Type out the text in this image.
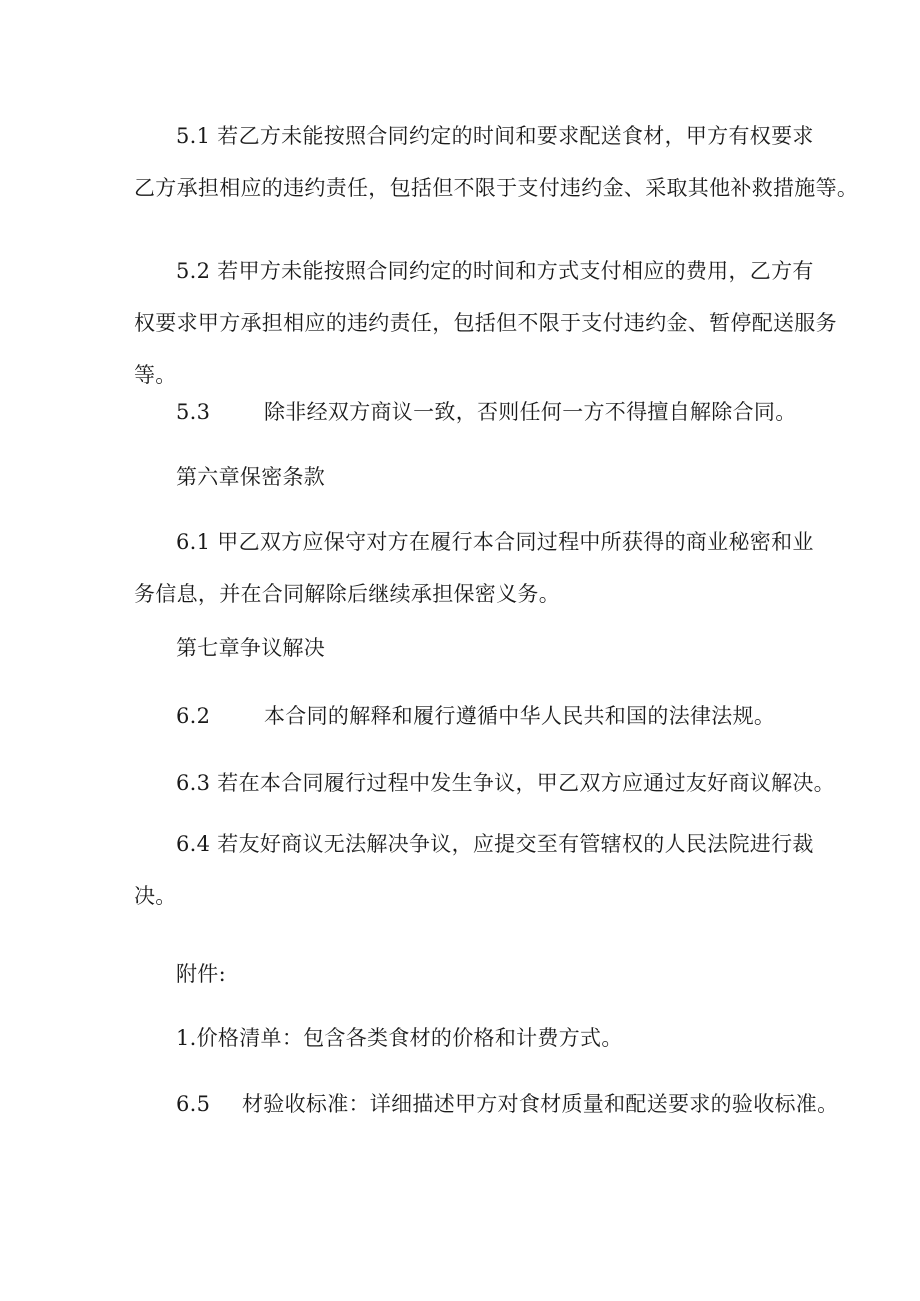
5.1 若乙方未能按照合同约定的时间和要求配送食材，甲方有权要求
乙方承担相应的违约责任，包括但不限于支付违约金、采取其他补救措施等。
5.2 若甲方未能按照合同约定的时间和方式支付相应的费用，乙方有
权要求甲方承担相应的违约责任，包括但不限于支付违约金、暂停配送服务
等。
5.3	除非经双方商议一致，否则任何一方不得擅自解除合同。
第六章保密条款
6.1 甲乙双方应保守对方在履行本合同过程中所获得的商业秘密和业
务信息，并在合同解除后继续承担保密义务。
第七章争议解决
6.2	本合同的解释和履行遵循中华人民共和国的法律法规。
6.3 若在本合同履行过程中发生争议，甲乙双方应通过友好商议解决。
6.4 若友好商议无法解决争议，应提交至有管辖权的人民法院进行裁
决。
附件:
1.价格清单：包含各类食材的价格和计费方式。
6.5 材验收标准：详细描述甲方对食材质量和配送要求的验收标准。
